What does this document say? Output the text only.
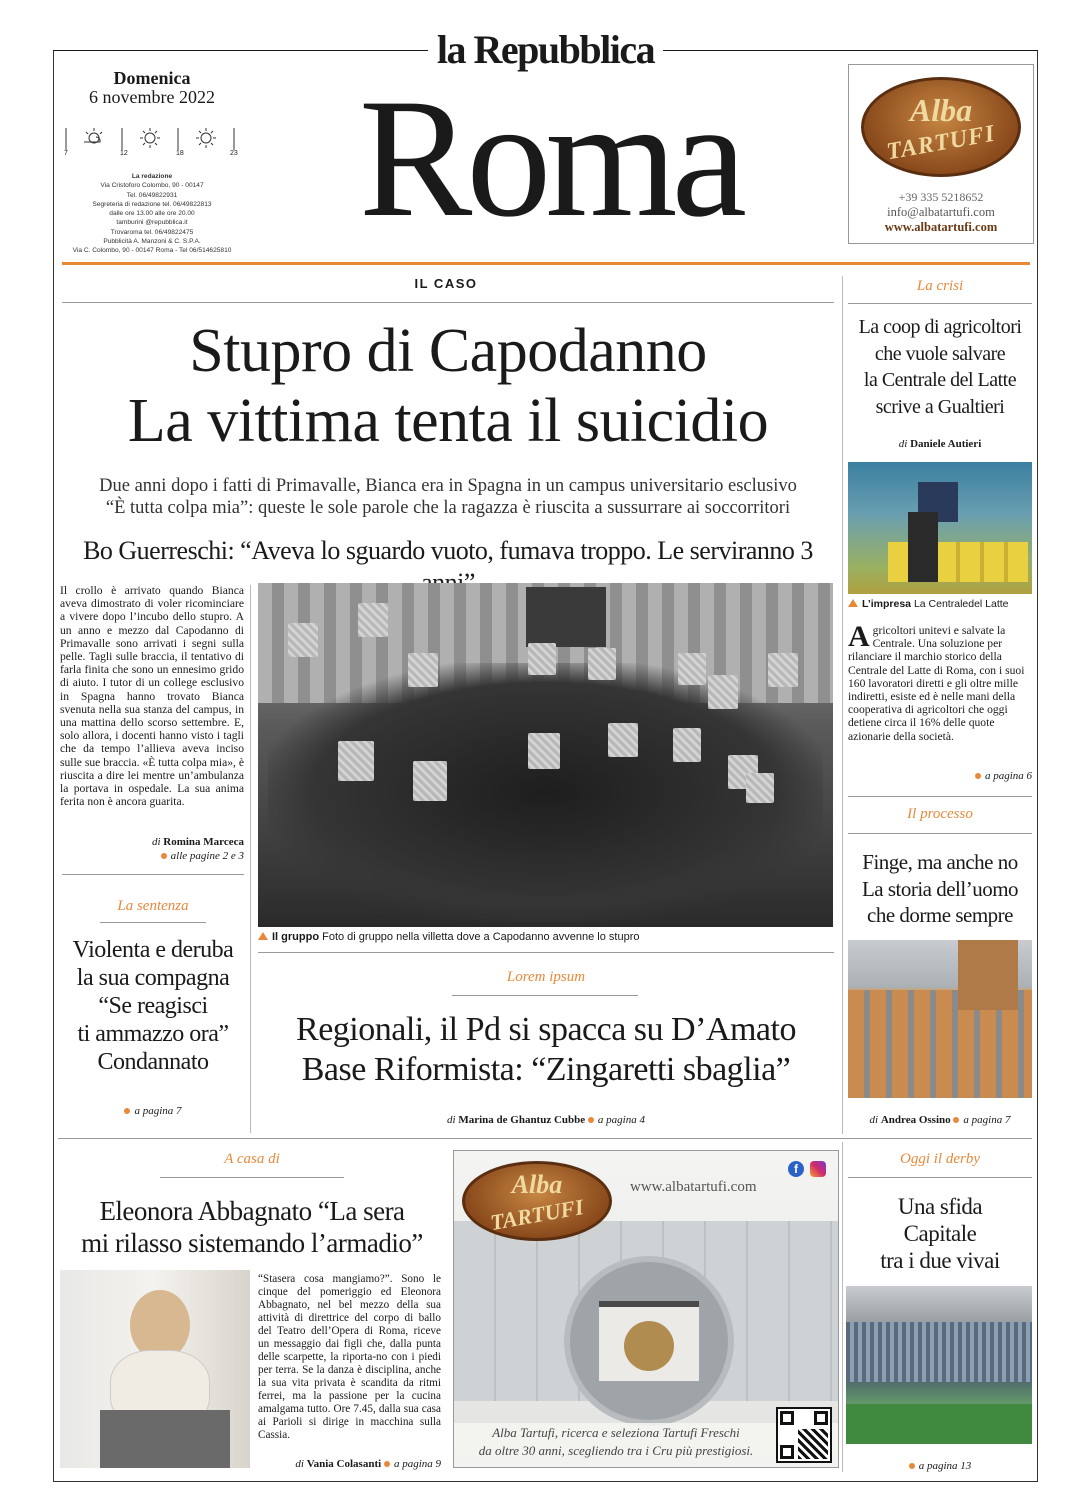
la Repubblica
Domenica
6 novembre 2022
7	12	18	23
La redazione
Via Cristoforo Colombo, 90 - 00147
Tel. 06/49822931
Segreteria di redazione tel. 06/49822813
dalle ore 13.00 alle ore 20.00
tamburini @repubblica.it
Trovaroma tel. 06/49822475
Pubblicità A. Manzoni & C. S.P.A.
Via C. Colombo, 90 - 00147 Roma - Tel 06/514625810 Roma	Alba
TARTUFI
+39 335 5218652
info@albatartufi.com
www.albatartufi.com
IL CASO
Stupro di Capodanno
La vittima tenta il suicidio
Due anni dopo i fatti di Primavalle, Bianca era in Spagna in un campus universitario esclusivo
“È tutta colpa mia”: queste le sole parole che la ragazza è riuscita a sussurrare ai soccorritori
Bo Guerreschi: “Aveva lo sguardo vuoto, fumava troppo. Le serviranno 3
Il crollo è arrivato quando Bianca aveva dimostrato di voler ricominciare a vivere dopo l’incubo dello stupro. A un anno e mezzo dal Capodanno di Primavalle sono arrivati i segni sulla pelle. Tagli sulle braccia, il tentativo di farla finita che sono un ennesimo grido di aiuto. I tutor di un college esclusivo in Spagna hanno trovato Bianca svenuta nella sua stanza del campus, in una mattina dello scorso settembre. E, solo allora, i docenti hanno visto i tagli che da tempo l’allieva aveva inciso sulle sue braccia. «È tutta colpa mia», è riuscita a dire lei mentre un’ambulanza la portava in ospedale. La sua anima ferita non è ancora guarita.
di Romina Marceca
alle pagine 2 e 3
Il gruppo Foto di gruppo nella villetta dove a Capodanno avvenne lo stupro
La sentenza
Violenta e deruba
la sua compagna
“Se reagisci
ti ammazzo ora”
Condannato
a pagina 7
Lorem ipsum
Regionali, il Pd si spacca su D’Amato
Base Riformista: “Zingaretti sbaglia”
di Marina de Ghantuz Cubbe a pagina 4
La crisi
La coop di agricoltori
che vuole salvare
la Centrale del Latte
scrive a Gualtieri
di Daniele Autieri
L’impresa La Centraledel Latte
Agricoltori unitevi e salvate la Centrale. Una soluzione per rilanciare il marchio storico della Centrale del Latte di Roma, con i suoi 160 lavoratori diretti e gli oltre mille indiretti, esiste ed è nelle mani della cooperativa di agricoltori che oggi detiene circa il 16% delle quote azionarie della società.
a pagina 6
Il processo
Finge, ma anche no
La storia dell’uomo
che dorme sempre
di Andrea Ossino a pagina 7
A casa di
Eleonora Abbagnato “La sera
mi rilasso sistemando l’armadio”
“Stasera cosa mangiamo?”. Sono le cinque del pomeriggio ed Eleonora Abbagnato, nel bel mezzo della sua attività di direttrice del corpo di ballo del Teatro dell’Opera di Roma, riceve un messaggio dai figli che, dalla punta delle scarpette, la riporta-no con i piedi per terra. Se la danza è disciplina, anche la sua vita privata è scandita da ritmi ferrei, ma la passione per la cucina amalgama tutto. Ore 7.45, dalla sua casa ai Parioli si dirige in macchina sulla Cassia.
di Vania Colasanti a pagina 9
Alba
TARTUFI
www.albatartufi.com
f
Alba Tartufi, ricerca e seleziona Tartufi Freschi
da oltre 30 anni, scegliendo tra i Cru più prestigiosi.
Oggi il derby
Una sfida
Capitale
tra i due vivai
a pagina 13
